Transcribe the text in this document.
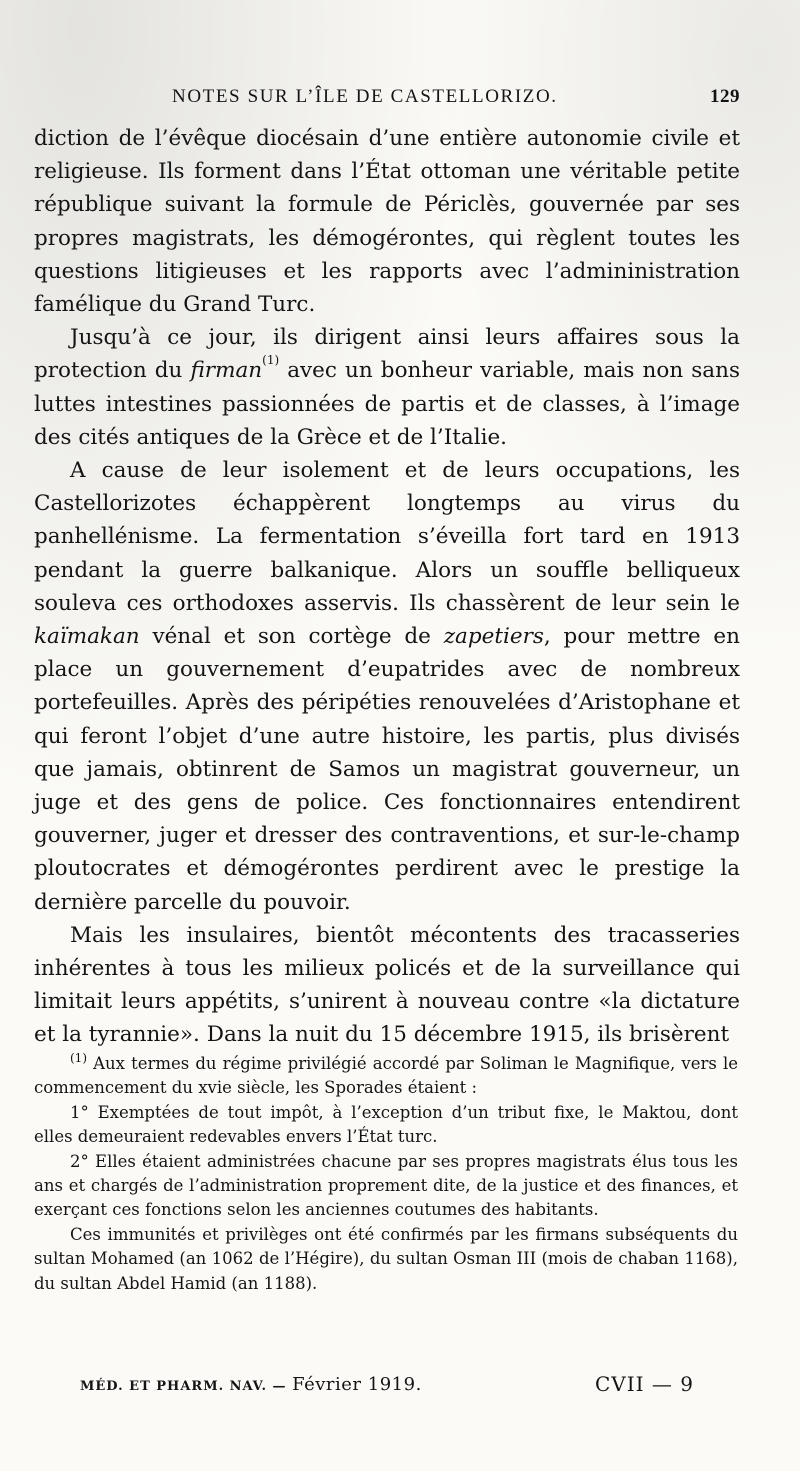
NOTES SUR L’ÎLE DE CASTELLORIZO.	129

diction de l’évêque diocésain d’une entière autonomie civile et religieuse. Ils forment dans l’État ottoman une véritable petite république suivant la formule de Périclès, gouvernée par ses propres magistrats, les démogérontes, qui règlent toutes les questions litigieuses et les rapports avec l’admininistration famélique du Grand Turc.

Jusqu’à ce jour, ils dirigent ainsi leurs affaires sous la protection du firman$^{(1)}$ avec un bonheur variable, mais non sans luttes intestines passionnées de partis et de classes, à l’image des cités antiques de la Grèce et de l’Italie.

A cause de leur isolement et de leurs occupations, les Castellorizotes échappèrent longtemps au virus du panhellénisme. La fermentation s’éveilla fort tard en 1913 pendant la guerre balkanique. Alors un souffle belliqueux souleva ces orthodoxes asservis. Ils chassèrent de leur sein le kaïmakan vénal et son cortège de zapetiers, pour mettre en place un gouvernement d’eupatrides avec de nombreux portefeuilles. Après des péripéties renouvelées d’Aristophane et qui feront l’objet d’une autre histoire, les partis, plus divisés que jamais, obtinrent de Samos un magistrat gouverneur, un juge et des gens de police. Ces fonctionnaires entendirent gouverner, juger et dresser des contraventions, et sur-le-champ ploutocrates et démogérontes perdirent avec le prestige la dernière parcelle du pouvoir.

Mais les insulaires, bientôt mécontents des tracasseries inhérentes à tous les milieux policés et de la surveillance qui limitait leurs appétits, s’unirent à nouveau contre «la dictature et la tyrannie». Dans la nuit du 15 décembre 1915, ils brisèrent

$^{(1)}$ Aux termes du régime privilégié accordé par Soliman le Magnifique, vers le commencement du xvie siècle, les Sporades étaient :

1° Exemptées de tout impôt, à l’exception d’un tribut fixe, le Maktou, dont elles demeuraient redevables envers l’État turc.

2° Elles étaient administrées chacune par ses propres magistrats élus tous les ans et chargés de l’administration proprement dite, de la justice et des finances, et exerçant ces fonctions selon les anciennes coutumes des habitants.

Ces immunités et privilèges ont été confirmés par les firmans subséquents du sultan Mohamed (an 1062 de l’Hégire), du sultan Osman III (mois de chaban 1168), du sultan Abdel Hamid (an 1188).

MÉD. ET PHARM. NAV. — Février 1919.	CVII — 9
